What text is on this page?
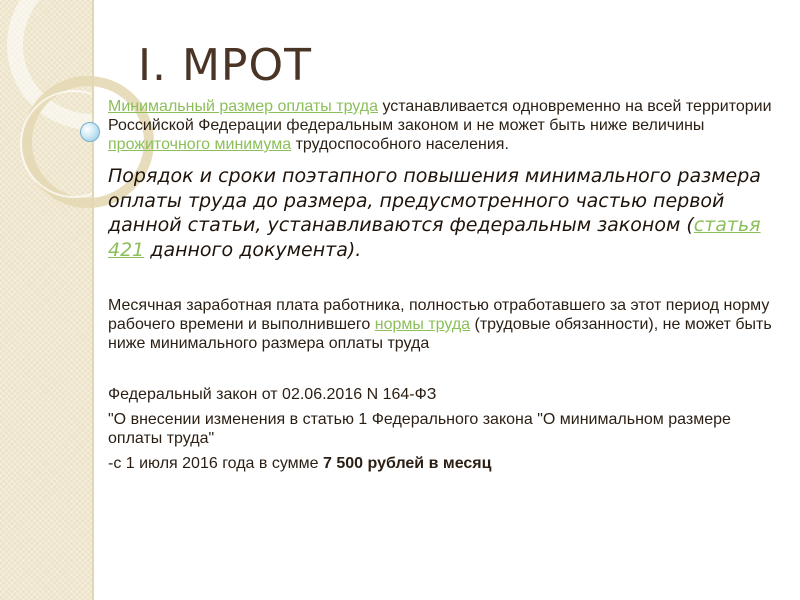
I. МРОТ

Минимальный размер оплаты труда устанавливается одновременно на всей территории Российской Федерации федеральным законом и не может быть ниже величины прожиточного минимума трудоспособного населения.

Порядок и сроки поэтапного повышения минимального размера оплаты труда до размера, предусмотренного частью первой данной статьи, устанавливаются федеральным законом (статья 421 данного документа).

Месячная заработная плата работника, полностью отработавшего за этот период норму рабочего времени и выполнившего нормы труда (трудовые обязанности), не может быть ниже минимального размера оплаты труда

Федеральный закон от 02.06.2016 N 164-ФЗ

"О внесении изменения в статью 1 Федерального закона "О минимальном размере оплаты труда"

-с 1 июля 2016 года в сумме 7 500 рублей в месяц
